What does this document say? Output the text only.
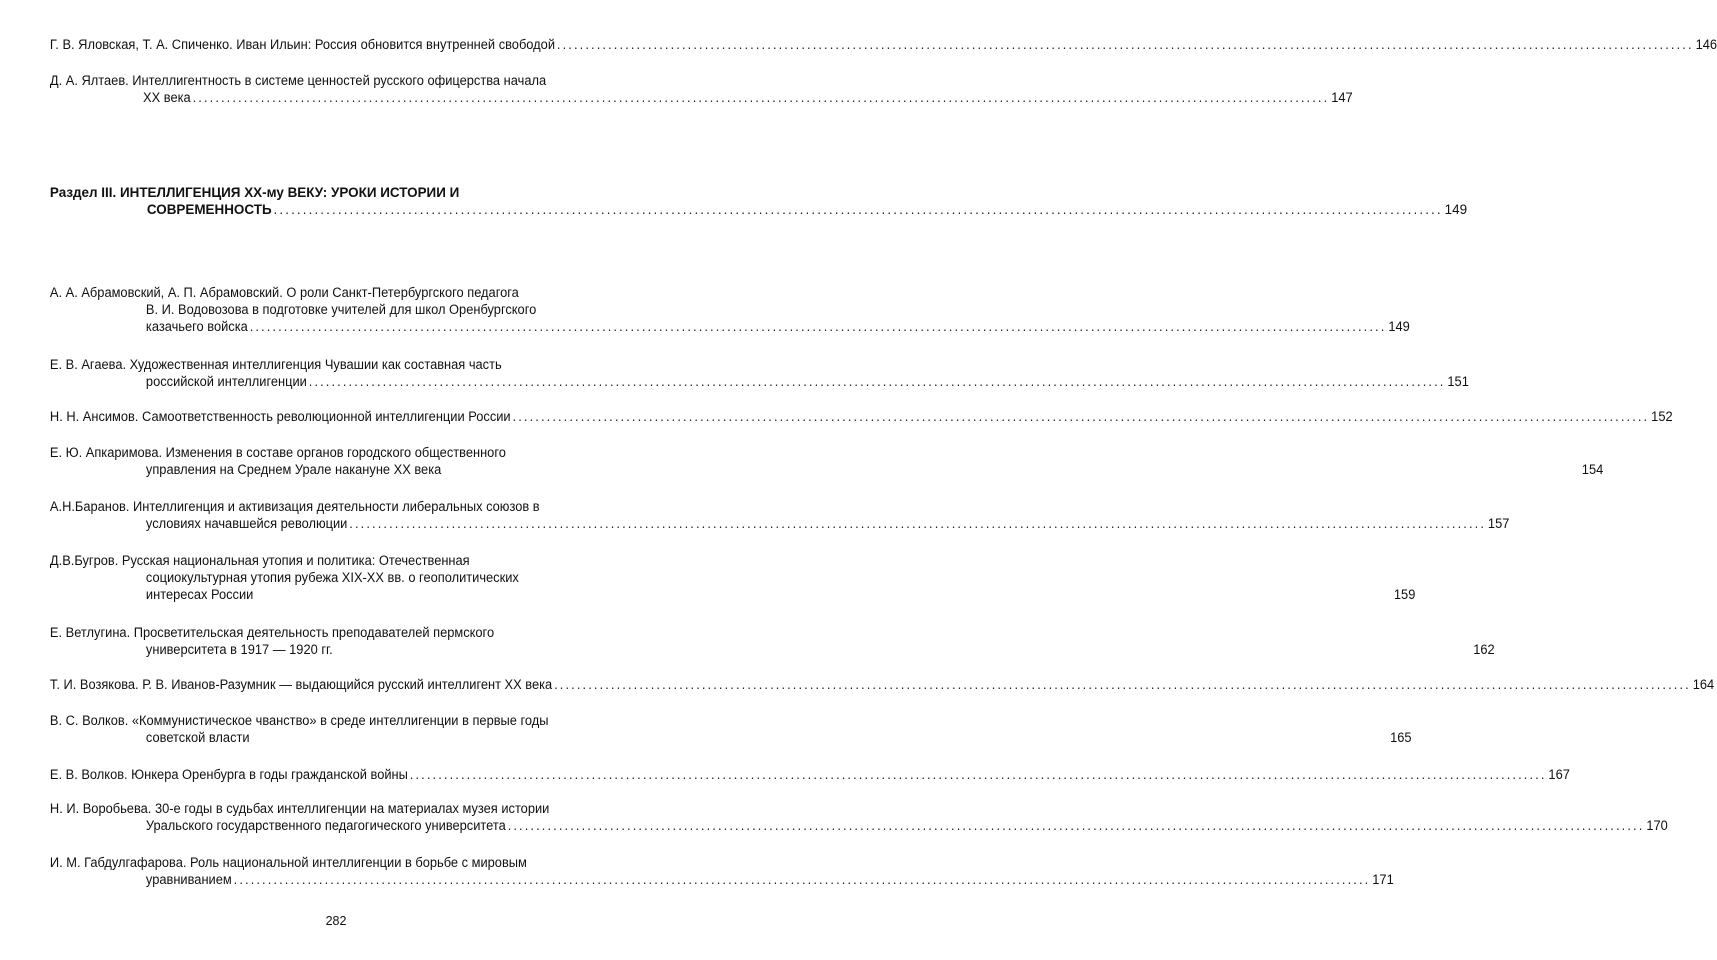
Г. В. Яловская, Т. А. Спиченко. Иван Ильин: Россия обновится внутренней свободой ........................................................................................................................................................................................................ 146
Д. А. Ялтаев. Интеллигентность в системе ценностей русского офицерства начала
XX века ........................................................................................................................................................................................................ 147
Раздел III. ИНТЕЛЛИГЕНЦИЯ XX-му ВЕКУ: УРОКИ ИСТОРИИ И
СОВРЕМЕННОСТЬ ........................................................................................................................................................................................................ 149
А. А. Абрамовский, А. П. Абрамовский. О роли Санкт-Петербургского педагога
В. И. Водовозова в подготовке учителей для школ Оренбургского
казачьего войска ........................................................................................................................................................................................................ 149
Е. В. Агаева. Художественная интеллигенция Чувашии как составная часть
российской интеллигенции ........................................................................................................................................................................................................ 151
Н. Н. Ансимов. Самоответственность революционной интеллигенции России ........................................................................................................................................................................................................ 152
Е. Ю. Апкаримова. Изменения в составе органов городского общественного
управления на Среднем Урале накануне XX века	154
А.Н.Баранов. Интеллигенция и активизация деятельности либеральных союзов в
условиях начавшейся революции ........................................................................................................................................................................................................ 157
Д.В.Бугров. Русская национальная утопия и политика: Отечественная
социокультурная утопия рубежа XIX-XX вв. о геополитических
интересах России	159
Е. Ветлугина. Просветительская деятельность преподавателей пермского
университета в 1917 — 1920 гг.	162
Т. И. Возякова. Р. В. Иванов-Разумник — выдающийся русский интеллигент XX века ........................................................................................................................................................................................................ 164
В. С. Волков. «Коммунистическое чванство» в среде интеллигенции в первые годы
советской власти	165
Е. В. Волков. Юнкера Оренбурга в годы гражданской войны ........................................................................................................................................................................................................ 167
Н. И. Воробьева. 30-е годы в судьбах интеллигенции на материалах музея истории
Уральского государственного педагогического университета ........................................................................................................................................................................................................ 170
И. М. Габдулгафарова. Роль национальной интеллигенции в борьбе с мировым
уравниванием ........................................................................................................................................................................................................ 171
282
